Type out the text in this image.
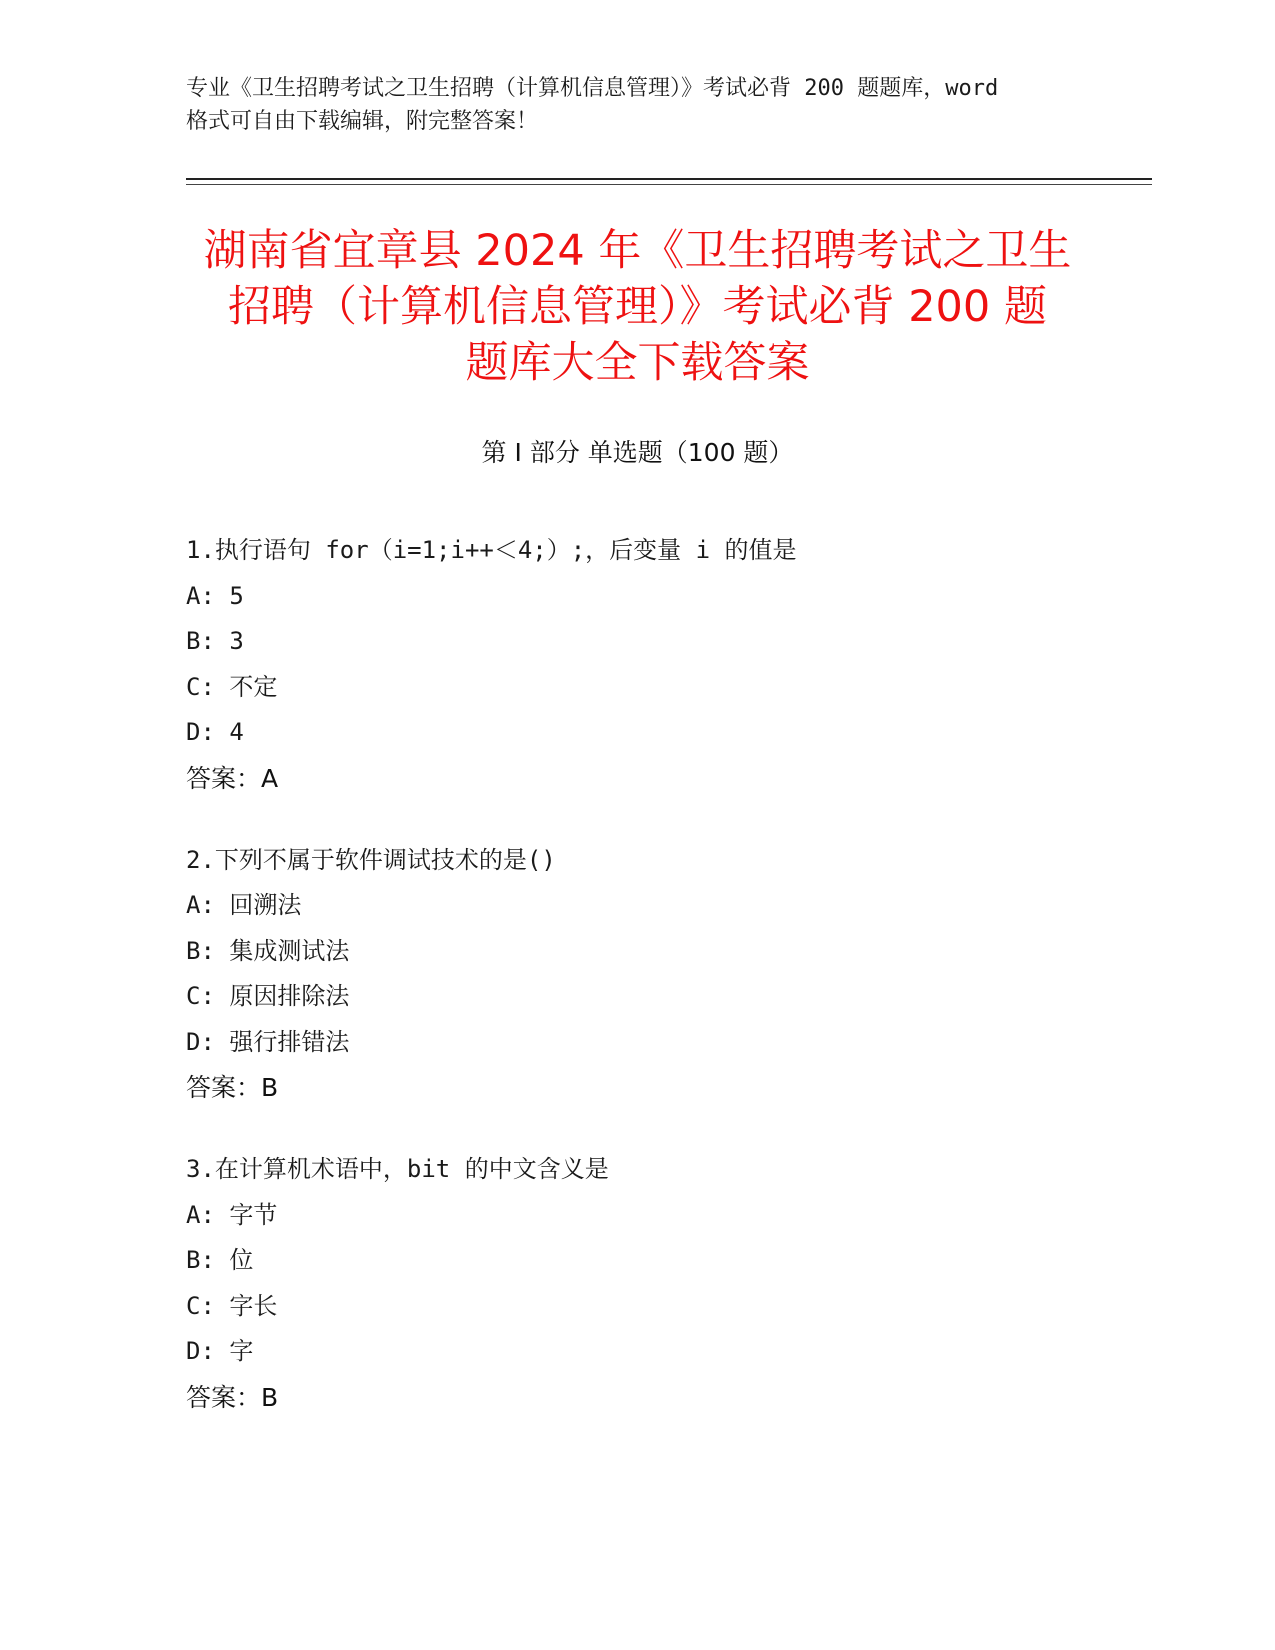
专业《卫生招聘考试之卫生招聘（计算机信息管理）》考试必背 200 题题库，word
格式可自由下载编辑，附完整答案！
湖南省宜章县 2024 年《卫生招聘考试之卫生
招聘（计算机信息管理）》考试必背 200 题
题库大全下载答案
第 I 部分 单选题（100 题）
1.执行语句 for（i=1;i++＜4;）;，后变量 i 的值是
A: 5
B: 3
C: 不定
D: 4
答案：A
2.下列不属于软件调试技术的是()
A: 回溯法
B: 集成测试法
C: 原因排除法
D: 强行排错法
答案：B
3.在计算机术语中，bit 的中文含义是
A: 字节
B: 位
C: 字长
D: 字
答案：B
